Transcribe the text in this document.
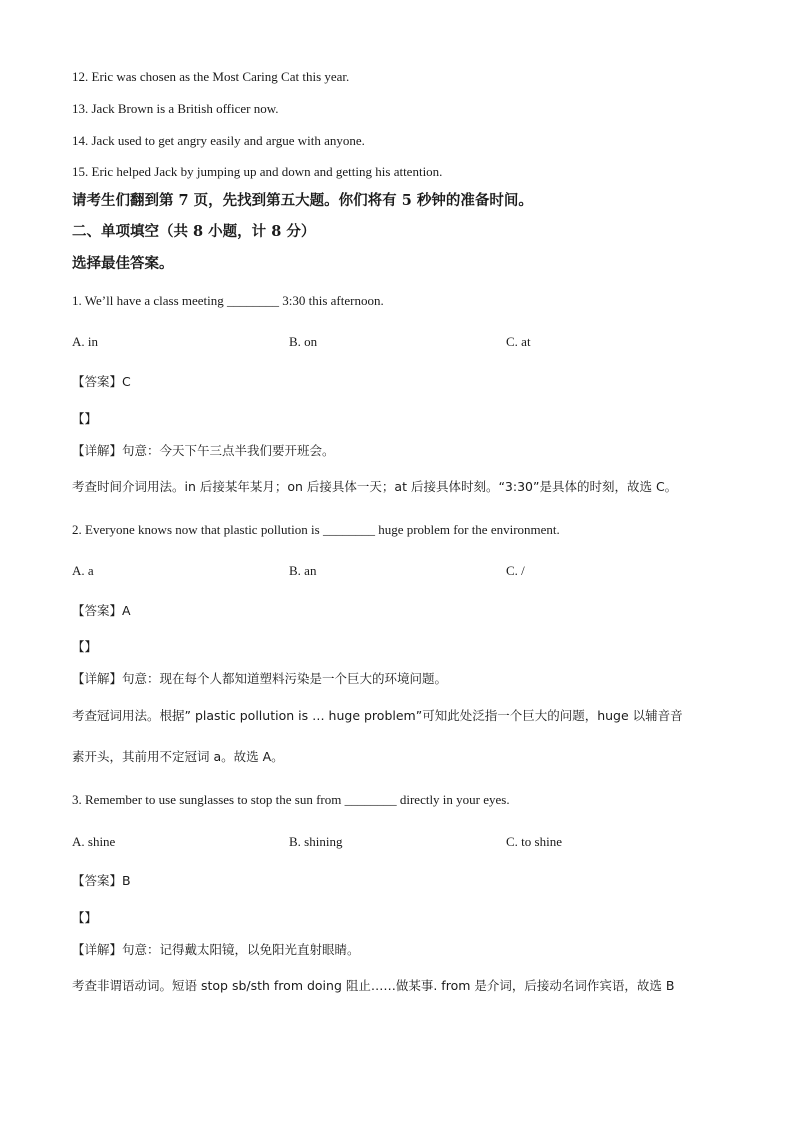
12. Eric was chosen as the Most Caring Cat this year.
13. Jack Brown is a British officer now.
14. Jack used to get angry easily and argue with anyone.
15. Eric helped Jack by jumping up and down and getting his attention.
请考生们翻到第 7 页，先找到第五大题。你们将有 5 秒钟的准备时间。
二、单项填空（共 8 小题，计 8 分）
选择最佳答案。
1. We’ll have a class meeting ________ 3:30 this afternoon.
A. in	B. on	C. at
【答案】C
【】
【详解】句意：今天下午三点半我们要开班会。
考查时间介词用法。in 后接某年某月；on 后接具体一天；at 后接具体时刻。“3:30”是具体的时刻，故选 C。
2. Everyone knows now that plastic pollution is ________ huge problem for the environment.
A. a	B. an	C. /
【答案】A
【】
【详解】句意：现在每个人都知道塑料污染是一个巨大的环境问题。
考查冠词用法。根据” plastic pollution is … huge problem”可知此处泛指一个巨大的问题，huge 以辅音音
素开头，其前用不定冠词 a。故选 A。
3. Remember to use sunglasses to stop the sun from ________ directly in your eyes.
A. shine	B. shining	C. to shine
【答案】B
【】
【详解】句意：记得戴太阳镜，以免阳光直射眼睛。
考查非谓语动词。短语 stop sb/sth from doing 阻止……做某事. from 是介词，后接动名词作宾语，故选 B
